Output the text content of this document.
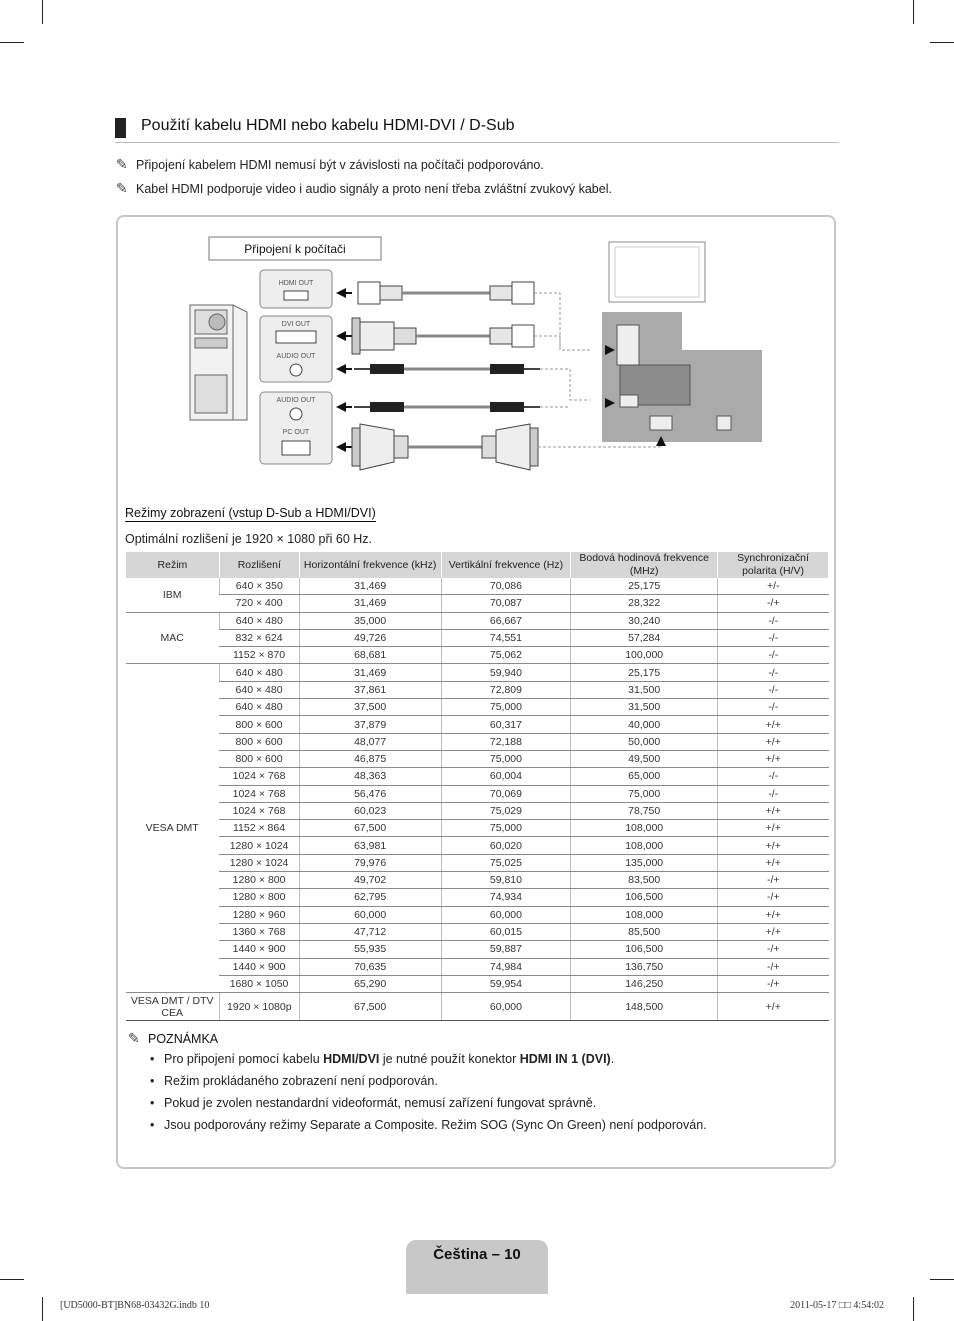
Použití kabelu HDMI nebo kabelu HDMI-DVI / D-Sub
✎ Připojení kabelem HDMI nemusí být v závislosti na počítači podporováno.
✎ Kabel HDMI podporuje video i audio signály a proto není třeba zvláštní zvukový kabel.
Připojení k počítači
HDMI OUT
DVI OUT
AUDIO OUT
AUDIO OUT
PC OUT
Režimy zobrazení (vstup D-Sub a HDMI/DVI)
Optimální rozlišení je 1920 × 1080 při 60 Hz.
Režim	Rozlišení	Horizontální frekvence (kHz)	Vertikální frekvence (Hz)	Bodová hodinová frekvence (MHz)	Synchronizační polarita (H/V)
IBM	640 × 350	31,469	70,086	25,175	+/-
	720 × 400	31,469	70,087	28,322	-/+
MAC	640 × 480	35,000	66,667	30,240	-/-
	832 × 624	49,726	74,551	57,284	-/-
	1152 × 870	68,681	75,062	100,000	-/-
VESA DMT	640 × 480	31,469	59,940	25,175	-/-
	640 × 480	37,861	72,809	31,500	-/-
	640 × 480	37,500	75,000	31,500	-/-
	800 × 600	37,879	60,317	40,000	+/+
	800 × 600	48,077	72,188	50,000	+/+
	800 × 600	46,875	75,000	49,500	+/+
	1024 × 768	48,363	60,004	65,000	-/-
	1024 × 768	56,476	70,069	75,000	-/-
	1024 × 768	60,023	75,029	78,750	+/+
	1152 × 864	67,500	75,000	108,000	+/+
	1280 × 1024	63,981	60,020	108,000	+/+
	1280 × 1024	79,976	75,025	135,000	+/+
	1280 × 800	49,702	59,810	83,500	-/+
	1280 × 800	62,795	74,934	106,500	-/+
	1280 × 960	60,000	60,000	108,000	+/+
	1360 × 768	47,712	60,015	85,500	+/+
	1440 × 900	55,935	59,887	106,500	-/+
	1440 × 900	70,635	74,984	136,750	-/+
	1680 × 1050	65,290	59,954	146,250	-/+
VESA DMT / DTV CEA	1920 × 1080p	67,500	60,000	148,500	+/+
✎ POZNÁMKA
• Pro připojení pomocí kabelu HDMI/DVI je nutné použít konektor HDMI IN 1 (DVI).
• Režim prokládaného zobrazení není podporován.
• Pokud je zvolen nestandardní videoformát, nemusí zařízení fungovat správně.
• Jsou podporovány režimy Separate a Composite. Režim SOG (Sync On Green) není podporován.
Čeština – 10
[UD5000-BT]BN68-03432G.indb 10	2011-05-17 □□ 4:54:02
